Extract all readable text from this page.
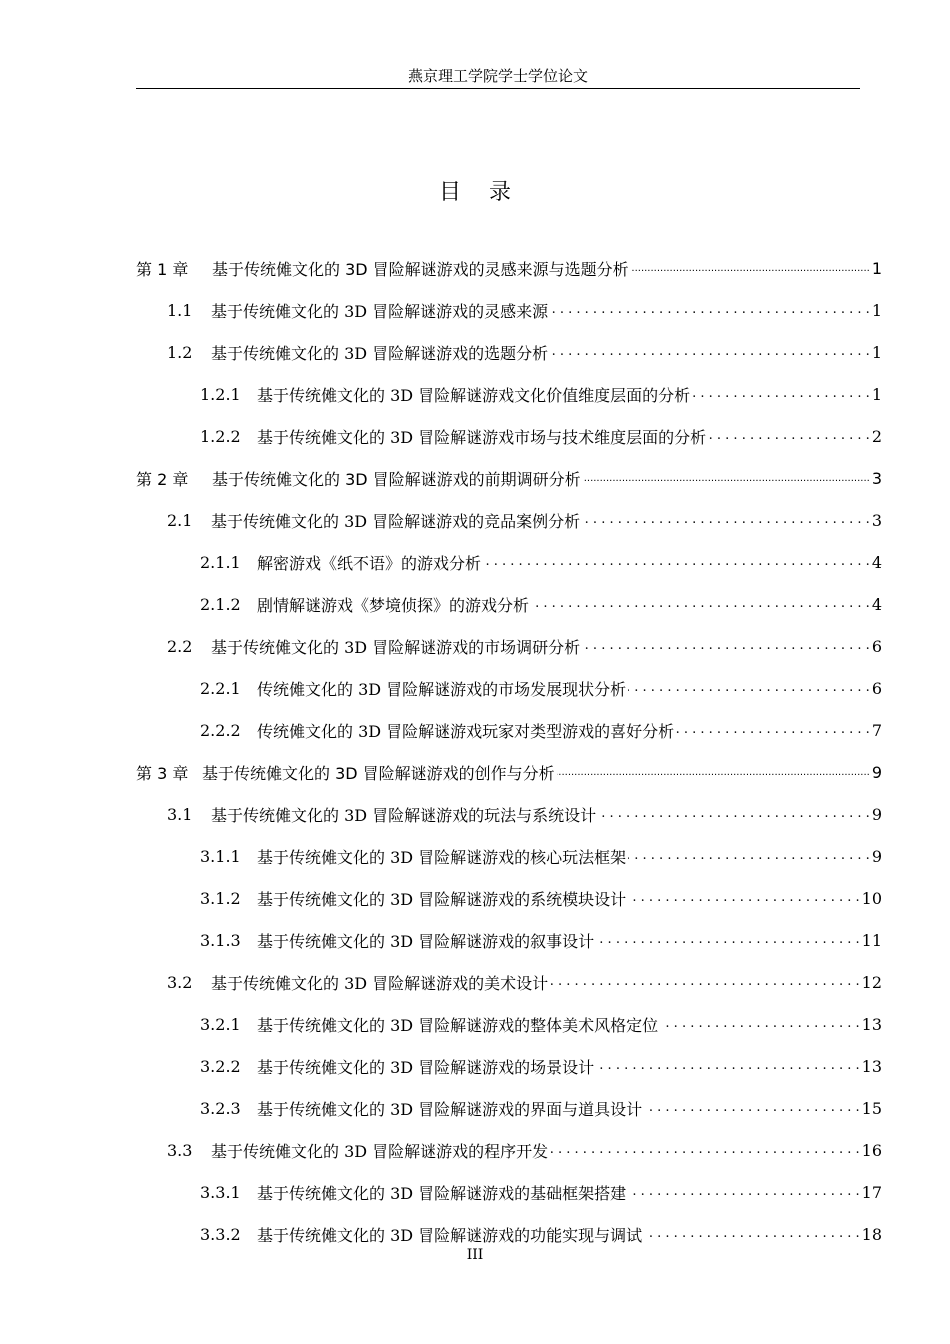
燕京理工学院学士学位论文
目录
第 1 章	基于传统傩文化的 3D 冒险解谜游戏的灵感来源与选题分析 .....	1
1.1	基于传统傩文化的 3D 冒险解谜游戏的灵感来源 . . .	1
1.2	基于传统傩文化的 3D 冒险解谜游戏的选题分析 . . .	1
1.2.1	基于传统傩文化的 3D 冒险解谜游戏文化价值维度层面的分析 . . .	1
1.2.2	基于传统傩文化的 3D 冒险解谜游戏市场与技术维度层面的分析 . . .	2
第 2 章	基于传统傩文化的 3D 冒险解谜游戏的前期调研分析 .....	3
2.1	基于传统傩文化的 3D 冒险解谜游戏的竞品案例分析 . . .	3
2.1.1	解密游戏《纸不语》的游戏分析 . . .	4
2.1.2	剧情解谜游戏《梦境侦探》的游戏分析 . . .	4
2.2	基于传统傩文化的 3D 冒险解谜游戏的市场调研分析 . . .	6
2.2.1	传统傩文化的 3D 冒险解谜游戏的市场发展现状分析 . . .	6
2.2.2	传统傩文化的 3D 冒险解谜游戏玩家对类型游戏的喜好分析 . . .	7
第 3 章 基于传统傩文化的 3D 冒险解谜游戏的创作与分析 .....	9
3.1	基于传统傩文化的 3D 冒险解谜游戏的玩法与系统设计 . . .	9
3.1.1	基于传统傩文化的 3D 冒险解谜游戏的核心玩法框架 . . .	9
3.1.2	基于传统傩文化的 3D 冒险解谜游戏的系统模块设计 . . .	10
3.1.3	基于传统傩文化的 3D 冒险解谜游戏的叙事设计 . . .	11
3.2	基于传统傩文化的 3D 冒险解谜游戏的美术设计 . . .	12
3.2.1	基于传统傩文化的 3D 冒险解谜游戏的整体美术风格定位 . . .	13
3.2.2	基于传统傩文化的 3D 冒险解谜游戏的场景设计 . . .	13
3.2.3	基于传统傩文化的 3D 冒险解谜游戏的界面与道具设计 . . .	15
3.3	基于传统傩文化的 3D 冒险解谜游戏的程序开发 . . .	16
3.3.1	基于传统傩文化的 3D 冒险解谜游戏的基础框架搭建 . . .	17
3.3.2	基于传统傩文化的 3D 冒险解谜游戏的功能实现与调试 . . .	18
III
